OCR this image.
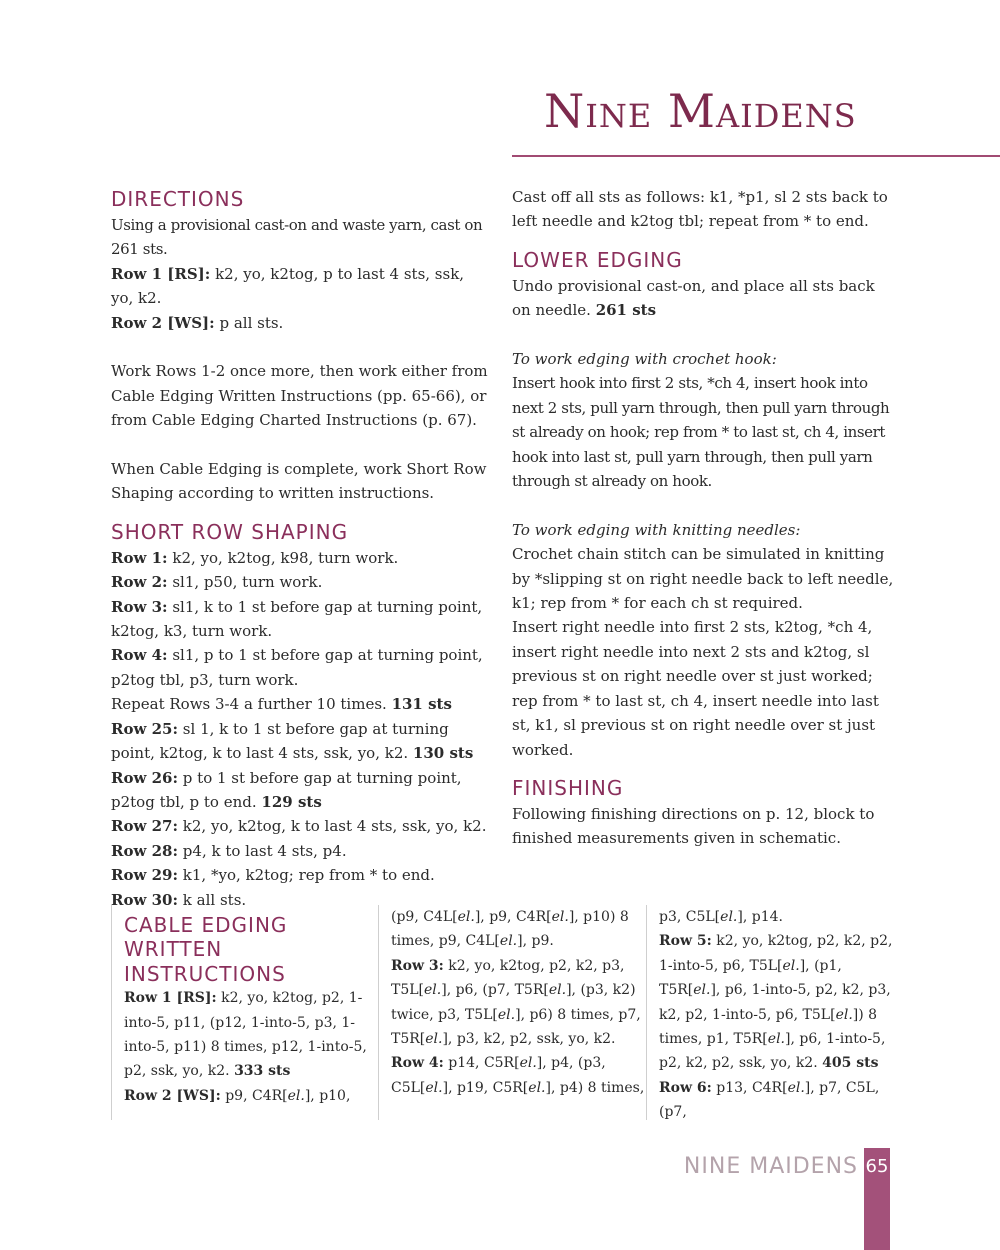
Nine Maidens
DIRECTIONS

Using a provisional cast-on and waste yarn, cast on 261 sts.

Row 1 [RS]: k2, yo, k2tog, p to last 4 sts, ssk, yo, k2.

Row 2 [WS]: p all sts.

Work Rows 1-2 once more, then work either from Cable Edging Written Instructions (pp. 65-66), or from Cable Edging Charted Instructions (p. 67).

When Cable Edging is complete, work Short Row Shaping according to written instructions.

SHORT ROW SHAPING

Row 1: k2, yo, k2tog, k98, turn work.

Row 2: sl1, p50, turn work.

Row 3: sl1, k to 1 st before gap at turning point, k2tog, k3, turn work.

Row 4: sl1, p to 1 st before gap at turning point, p2tog tbl, p3, turn work.

Repeat Rows 3-4 a further 10 times. 131 sts

Row 25: sl 1, k to 1 st before gap at turning point, k2tog, k to last 4 sts, ssk, yo, k2. 130 sts

Row 26: p to 1 st before gap at turning point, p2tog tbl, p to end. 129 sts

Row 27: k2, yo, k2tog, k to last 4 sts, ssk, yo, k2.

Row 28: p4, k to last 4 sts, p4.

Row 29: k1, *yo, k2tog; rep from * to end.

Row 30: k all sts.

Cast off all sts as follows: k1, *p1, sl 2 sts back to left needle and k2tog tbl; repeat from * to end.

LOWER EDGING

Undo provisional cast-on, and place all sts back on needle. 261 sts

To work edging with crochet hook:

Insert hook into first 2 sts, *ch 4, insert hook into next 2 sts, pull yarn through, then pull yarn through st already on hook; rep from * to last st, ch 4, insert hook into last st, pull yarn through, then pull yarn through st already on hook.

To work edging with knitting needles:

Crochet chain stitch can be simulated in knitting by *slipping st on right needle back to left needle, k1; rep from * for each ch st required.

Insert right needle into first 2 sts, k2tog, *ch 4, insert right needle into next 2 sts and k2tog, sl previous st on right needle over st just worked; rep from * to last st, ch 4, insert needle into last st, k1, sl previous st on right needle over st just worked.

FINISHING

Following finishing directions on p. 12, block to finished measurements given in schematic.

CABLE EDGING WRITTEN INSTRUCTIONS

Row 1 [RS]: k2, yo, k2tog, p2, 1-into-5, p11, (p12, 1-into-5, p3, 1-into-5, p11) 8 times, p12, 1-into-5, p2, ssk, yo, k2. 333 sts

Row 2 [WS]: p9, C4R[el.], p10,

(p9, C4L[el.], p9, C4R[el.], p10) 8 times, p9, C4L[el.], p9.

Row 3: k2, yo, k2tog, p2, k2, p3, T5L[el.], p6, (p7, T5R[el.], (p3, k2) twice, p3, T5L[el.], p6) 8 times, p7, T5R[el.], p3, k2, p2, ssk, yo, k2.

Row 4: p14, C5R[el.], p4, (p3, C5L[el.], p19, C5R[el.], p4) 8 times,

p3, C5L[el.], p14.

Row 5: k2, yo, k2tog, p2, k2, p2, 1-into-5, p6, T5L[el.], (p1, T5R[el.], p6, 1-into-5, p2, k2, p3, k2, p2, 1-into-5, p6, T5L[el.]) 8 times, p1, T5R[el.], p6, 1-into-5, p2, k2, p2, ssk, yo, k2. 405 sts

Row 6: p13, C4R[el.], p7, C5L, (p7,

NINE MAIDENS 65
